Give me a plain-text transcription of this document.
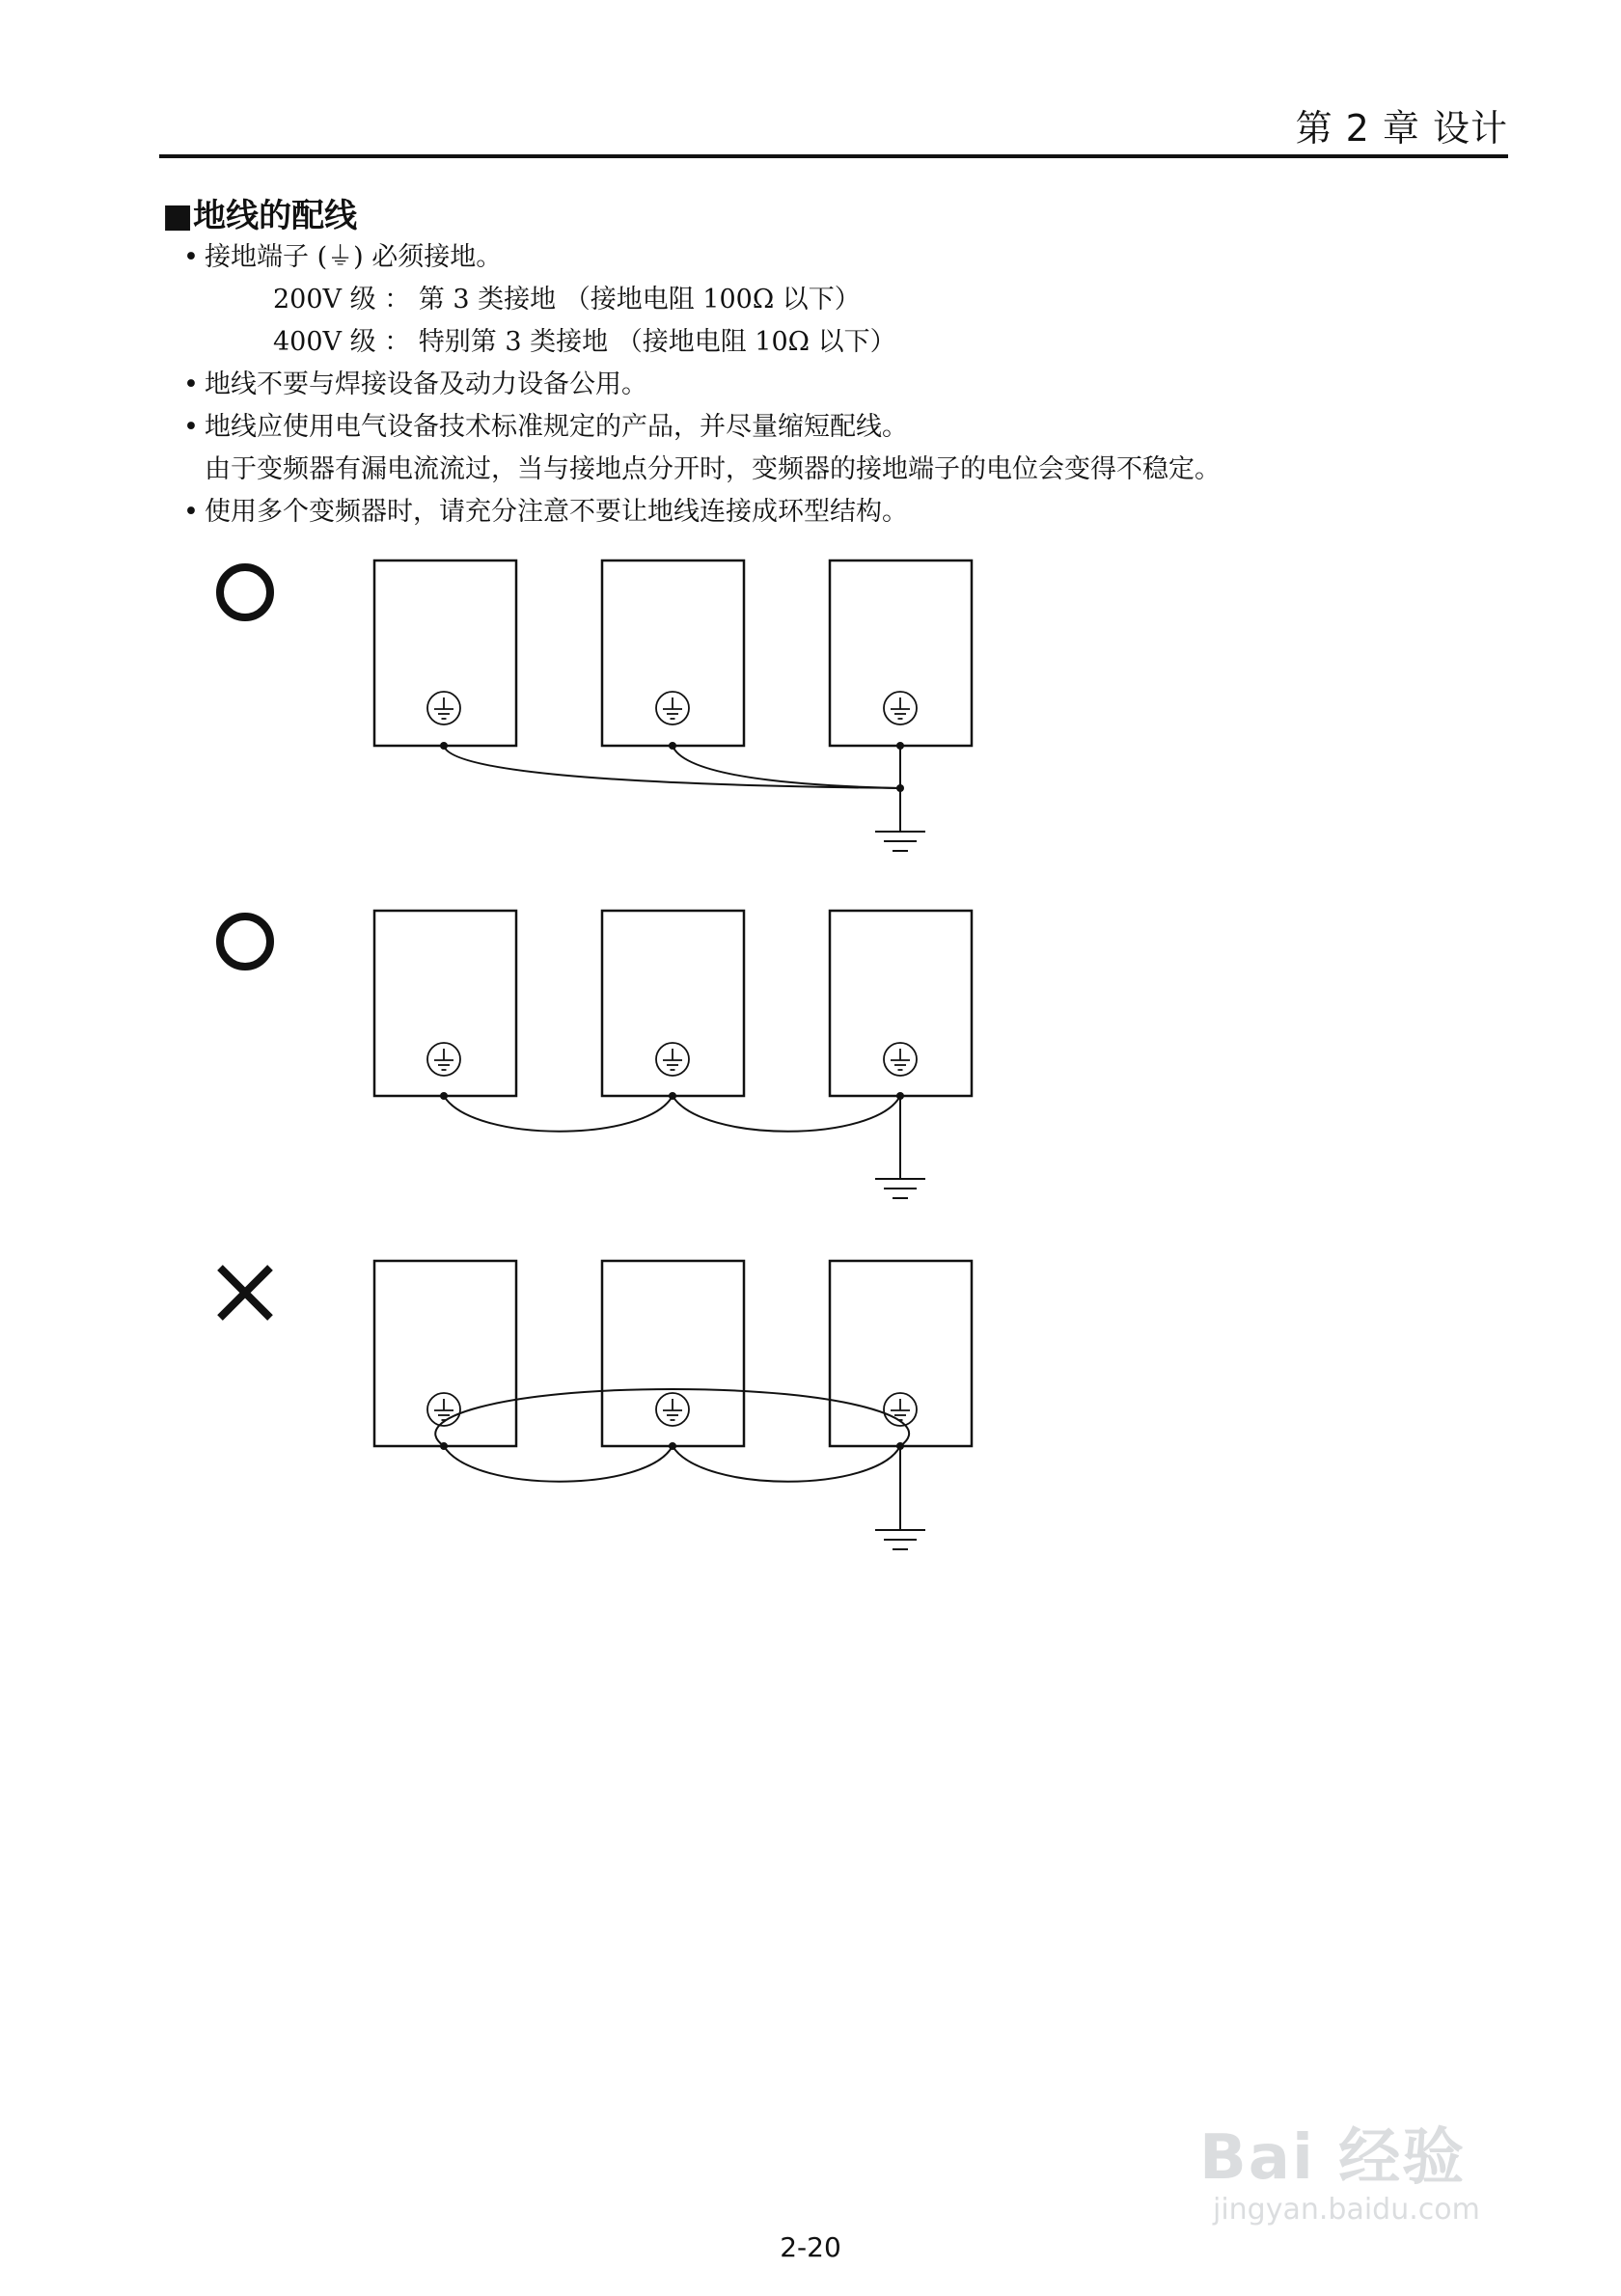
第 2 章 设计
■地线的配线
• 接地端子 (⏚) 必须接地。
200V 级 ： 第 3 类接地 （接地电阻 100Ω 以下）
400V 级 ： 特别第 3 类接地 （接地电阻 10Ω 以下）
• 地线不要与焊接设备及动力设备公用。
• 地线应使用电气设备技术标准规定的产品，并尽量缩短配线。
由于变频器有漏电流流过，当与接地点分开时，变频器的接地端子的电位会变得不稳定。
• 使用多个变频器时，请充分注意不要让地线连接成环型结构。
2-20
Bai 经验
jingyan.baidu.com
